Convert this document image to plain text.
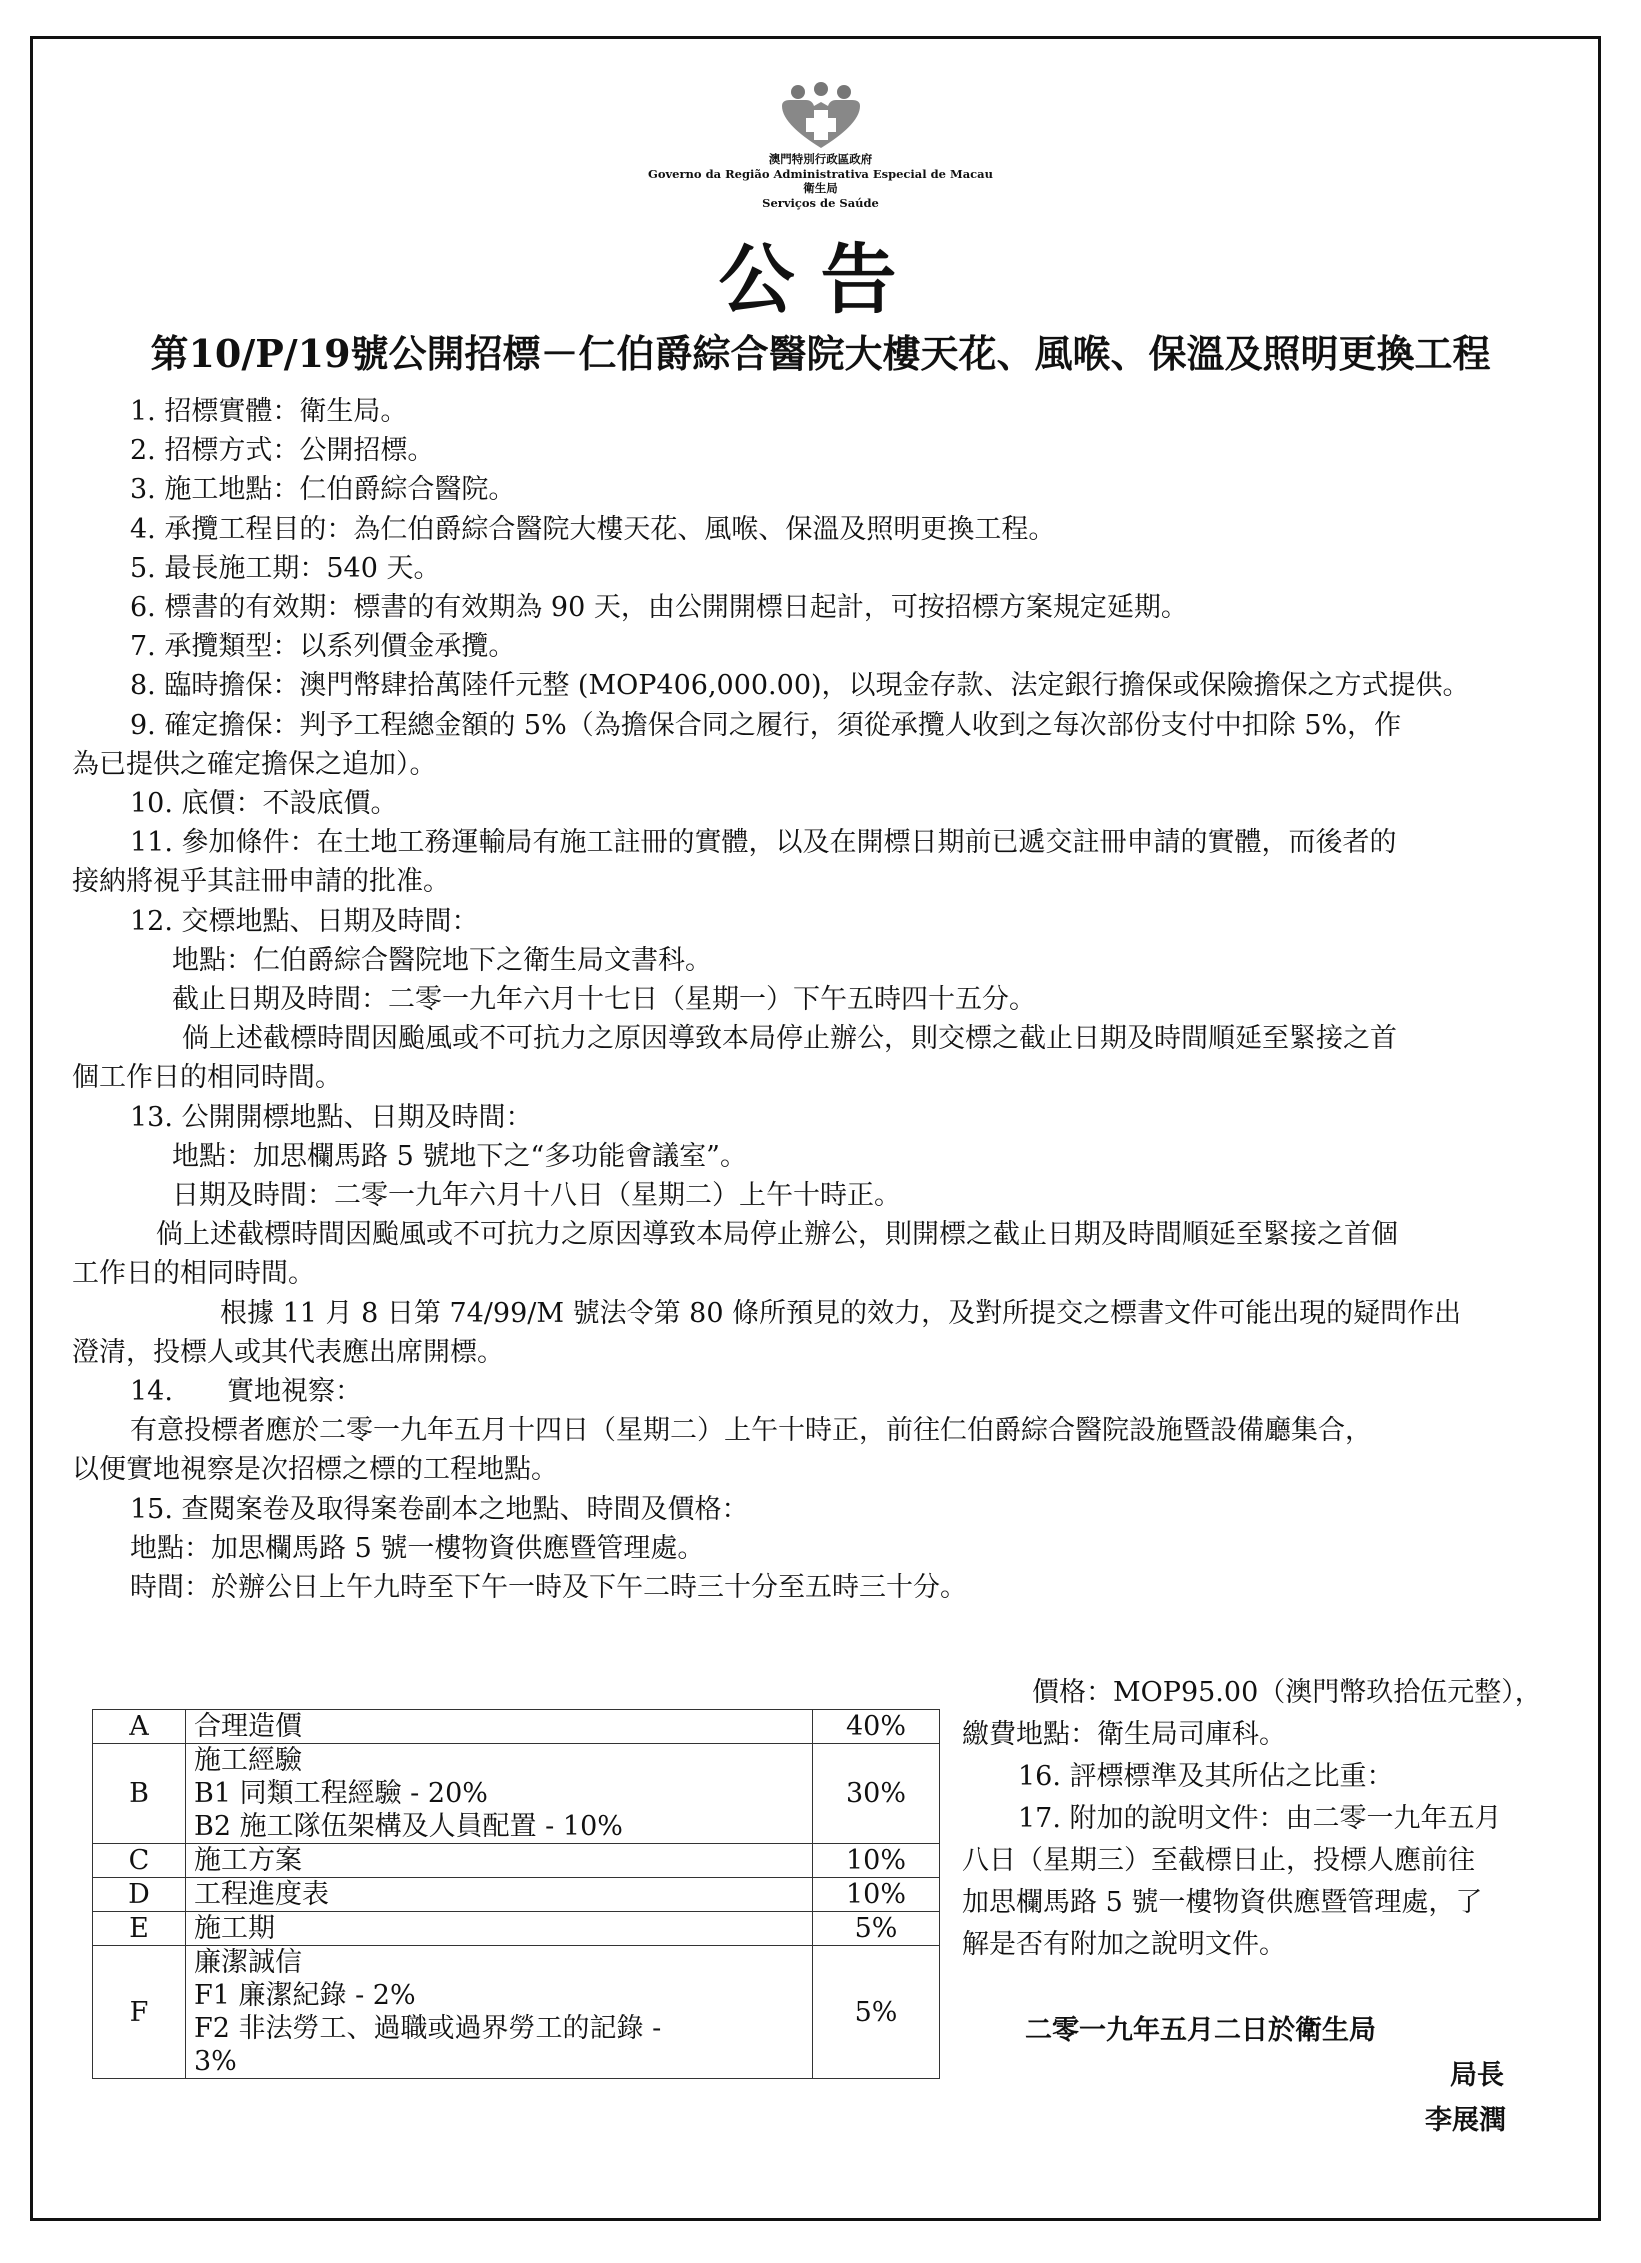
澳門特別行政區政府
Governo da Região Administrativa Especial de Macau
衛生局
Serviços de Saúde
公告
第10/P/19號公開招標－仁伯爵綜合醫院大樓天花、風喉、保溫及照明更換工程

1. 招標實體：衛生局。

2. 招標方式：公開招標。

3. 施工地點：仁伯爵綜合醫院。

4. 承攬工程目的：為仁伯爵綜合醫院大樓天花、風喉、保溫及照明更換工程。

5. 最長施工期：540 天。

6. 標書的有效期：標書的有效期為 90 天，由公開開標日起計，可按招標方案規定延期。

7. 承攬類型：以系列價金承攬。

8. 臨時擔保：澳門幣肆拾萬陸仟元整 (MOP406,000.00)，以現金存款、法定銀行擔保或保險擔保之方式提供。

9. 確定擔保：判予工程總金額的 5%（為擔保合同之履行，須從承攬人收到之每次部份支付中扣除 5%，作

為已提供之確定擔保之追加）。

10. 底價：不設底價。

11. 參加條件：在土地工務運輸局有施工註冊的實體，以及在開標日期前已遞交註冊申請的實體，而後者的

接納將視乎其註冊申請的批准。

12. 交標地點、日期及時間：

地點：仁伯爵綜合醫院地下之衛生局文書科。

截止日期及時間：二零一九年六月十七日（星期一）下午五時四十五分。

倘上述截標時間因颱風或不可抗力之原因導致本局停止辦公，則交標之截止日期及時間順延至緊接之首

個工作日的相同時間。

13. 公開開標地點、日期及時間：

地點：加思欄馬路 5 號地下之“多功能會議室”。

日期及時間：二零一九年六月十八日（星期二）上午十時正。

倘上述截標時間因颱風或不可抗力之原因導致本局停止辦公，則開標之截止日期及時間順延至緊接之首個

工作日的相同時間。

根據 11 月 8 日第 74/99/M 號法令第 80 條所預見的效力，及對所提交之標書文件可能出現的疑問作出

澄清，投標人或其代表應出席開標。

14.　　實地視察：

有意投標者應於二零一九年五月十四日（星期二）上午十時正，前往仁伯爵綜合醫院設施暨設備廳集合，

以便實地視察是次招標之標的工程地點。

15. 查閱案卷及取得案卷副本之地點、時間及價格：

地點：加思欄馬路 5 號一樓物資供應暨管理處。

時間：於辦公日上午九時至下午一時及下午二時三十分至五時三十分。

A	合理造價	40%
B	施工經驗
B1 同類工程經驗 - 20%
B2 施工隊伍架構及人員配置 - 10%	30%
C	施工方案	10%
D	工程進度表	10%
E	施工期	5%
F	廉潔誠信
F1 廉潔紀錄 - 2%
F2 非法勞工、過職或過界勞工的記錄 -
3%	5%

價格：MOP95.00（澳門幣玖拾伍元整），

繳費地點：衛生局司庫科。

16. 評標標準及其所佔之比重：

17. 附加的說明文件：由二零一九年五月

八日（星期三）至截標日止，投標人應前往

加思欄馬路 5 號一樓物資供應暨管理處，了

解是否有附加之說明文件。

二零一九年五月二日於衛生局
局長
李展潤
